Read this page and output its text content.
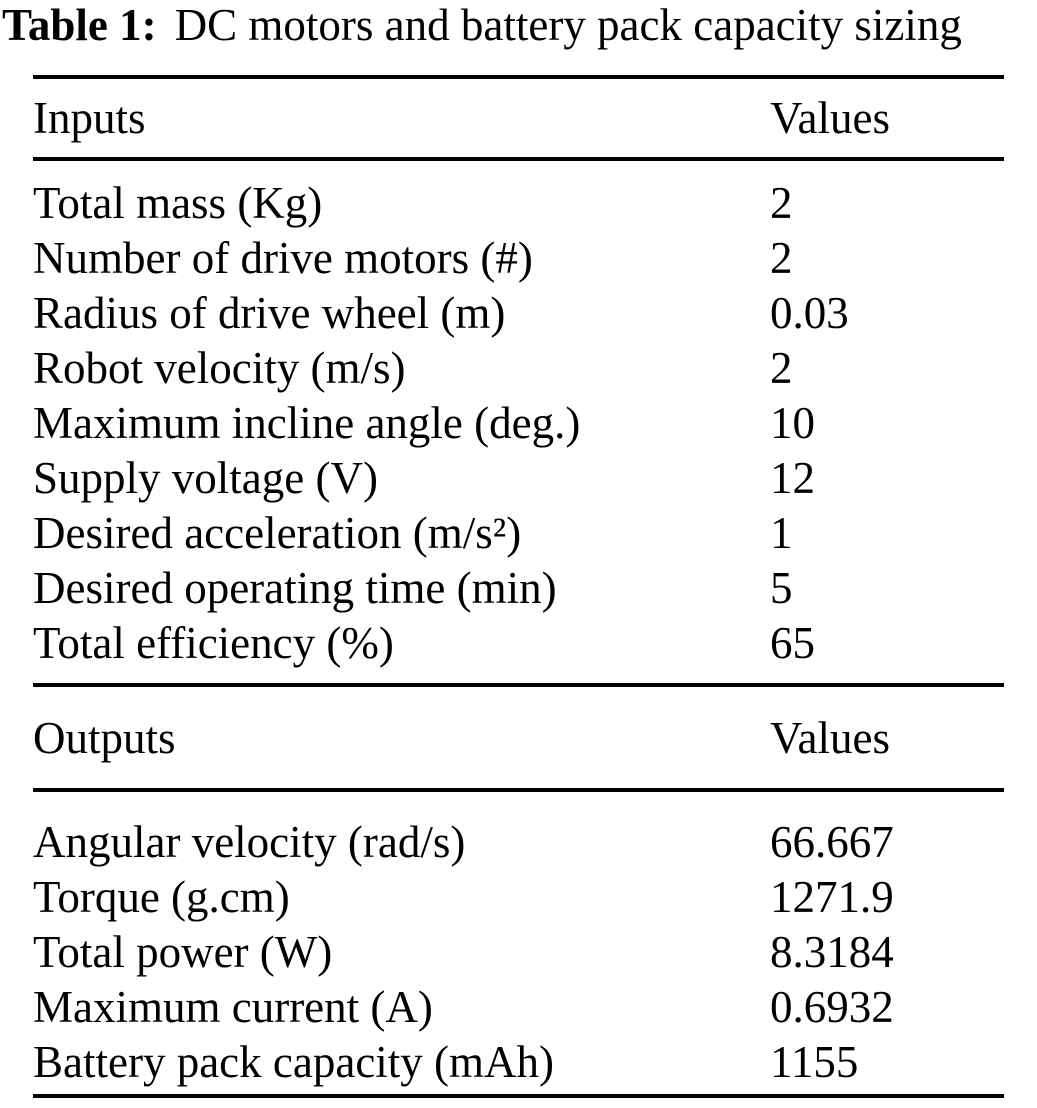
Table 1: DC motors and battery pack capacity sizing
Inputs	Values
Total mass (Kg)	2
Number of drive motors (#)	2
Radius of drive wheel (m)	0.03
Robot velocity (m/s)	2
Maximum incline angle (deg.)	10
Supply voltage (V)	12
Desired acceleration (m/s²)	1
Desired operating time (min)	5
Total efficiency (%)	65
Outputs	Values
Angular velocity (rad/s)	66.667
Torque (g.cm)	1271.9
Total power (W)	8.3184
Maximum current (A)	0.6932
Battery pack capacity (mAh)	1155
